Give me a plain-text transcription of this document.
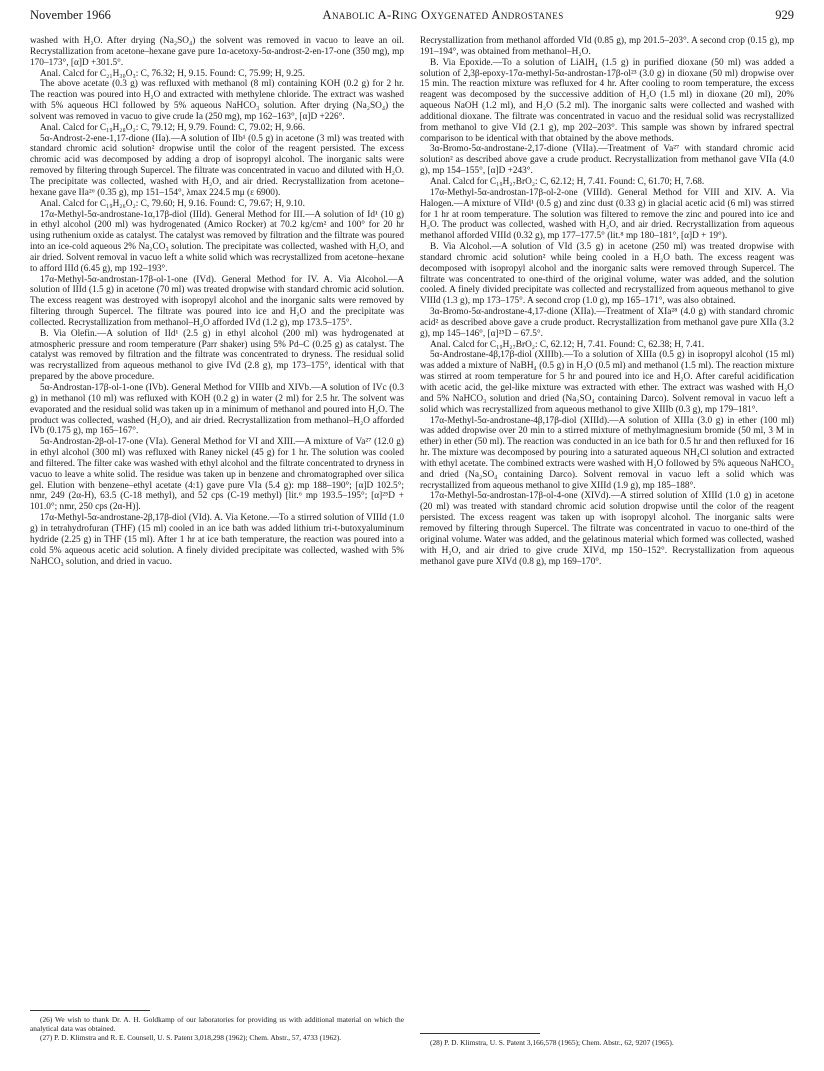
November 1966	Anabolic A-Ring Oxygenated Androstanes	929

washed with H₂O. After drying (Na₂SO₄) the solvent was removed in vacuo to leave an oil. Recrystallization from acetone–hexane gave pure 1α-acetoxy-5α-androst-2-en-17-one (350 mg), mp 170–173°, [α]D +301.5°.

Anal. Calcd for C₂₁H₃₀O₃: C, 76.32; H, 9.15. Found: C, 75.99; H, 9.25.

The above acetate (0.3 g) was refluxed with methanol (8 ml) containing KOH (0.2 g) for 2 hr. The reaction was poured into H₂O and extracted with methylene chloride. The extract was washed with 5% aqueous HCl followed by 5% aqueous NaHCO₃ solution. After drying (Na₂SO₄) the solvent was removed in vacuo to give crude Ia (250 mg), mp 162–163°, [α]D +226°.

Anal. Calcd for C₁₉H₂₈O₂: C, 79.12; H, 9.79. Found: C, 79.02; H, 9.66.

5α-Androst-2-ene-1,17-dione (IIa).—A solution of IIb¹ (0.5 g) in acetone (3 ml) was treated with standard chromic acid solution² dropwise until the color of the reagent persisted. The excess chromic acid was decomposed by adding a drop of isopropyl alcohol. The inorganic salts were removed by filtering through Supercel. The filtrate was concentrated in vacuo and diluted with H₂O. The precipitate was collected, washed with H₂O, and air dried. Recrystallization from acetone–hexane gave IIa²⁶ (0.35 g), mp 151–154°, λmax 224.5 mμ (ε 6900).

Anal. Calcd for C₁₉H₂₆O₂: C, 79.60; H, 9.16. Found: C, 79.67; H, 9.10.

17α-Methyl-5α-androstane-1α,17β-diol (IIId). General Method for III.—A solution of Id¹ (10 g) in ethyl alcohol (200 ml) was hydrogenated (Amico Rocker) at 70.2 kg/cm² and 100° for 20 hr using ruthenium oxide as catalyst. The catalyst was removed by filtration and the filtrate was poured into an ice-cold aqueous 2% Na₂CO₃ solution. The precipitate was collected, washed with H₂O, and air dried. Solvent removal in vacuo left a white solid which was recrystallized from acetone–hexane to afford IIId (6.45 g), mp 192–193°.

17α-Methyl-5α-androstan-17β-ol-1-one (IVd). General Method for IV. A. Via Alcohol.—A solution of IIId (1.5 g) in acetone (70 ml) was treated dropwise with standard chromic acid solution. The excess reagent was destroyed with isopropyl alcohol and the inorganic salts were removed by filtering through Supercel. The filtrate was poured into ice and H₂O and the precipitate was collected. Recrystallization from methanol–H₂O afforded IVd (1.2 g), mp 173.5–175°.

B. Via Olefin.—A solution of IId¹ (2.5 g) in ethyl alcohol (200 ml) was hydrogenated at atmospheric pressure and room temperature (Parr shaker) using 5% Pd–C (0.25 g) as catalyst. The catalyst was removed by filtration and the filtrate was concentrated to dryness. The residual solid was recrystallized from aqueous methanol to give IVd (2.8 g), mp 173–175°, identical with that prepared by the above procedure.

5α-Androstan-17β-ol-1-one (IVb). General Method for VIIIb and XIVb.—A solution of IVc (0.3 g) in methanol (10 ml) was refluxed with KOH (0.2 g) in water (2 ml) for 2.5 hr. The solvent was evaporated and the residual solid was taken up in a minimum of methanol and poured into H₂O. The product was collected, washed (H₂O), and air dried. Recrystallization from methanol–H₂O afforded IVb (0.175 g), mp 165–167°.

5α-Androstan-2β-ol-17-one (VIa). General Method for VI and XIII.—A mixture of Va²⁷ (12.0 g) in ethyl alcohol (300 ml) was refluxed with Raney nickel (45 g) for 1 hr. The solution was cooled and filtered. The filter cake was washed with ethyl alcohol and the filtrate concentrated to dryness in vacuo to leave a white solid. The residue was taken up in benzene and chromatographed over silica gel. Elution with benzene–ethyl acetate (4:1) gave pure VIa (5.4 g): mp 188–190°; [α]D 102.5°; nmr, 249 (2α-H), 63.5 (C-18 methyl), and 52 cps (C-19 methyl) [lit.⁶ mp 193.5–195°; [α]²⁵D + 101.0°; nmr, 250 cps (2α-H)].

17α-Methyl-5α-androstane-2β,17β-diol (VId). A. Via Ketone.—To a stirred solution of VIIId (1.0 g) in tetrahydrofuran (THF) (15 ml) cooled in an ice bath was added lithium tri-t-butoxyaluminum hydride (2.25 g) in THF (15 ml). After 1 hr at ice bath temperature, the reaction was poured into a cold 5% aqueous acetic acid solution. A finely divided precipitate was collected, washed with 5% NaHCO₃ solution, and dried in vacuo.

Recrystallization from methanol afforded VId (0.85 g), mp 201.5–203°. A second crop (0.15 g), mp 191–194°, was obtained from methanol–H₂O.

B. Via Epoxide.—To a solution of LiAlH₄ (1.5 g) in purified dioxane (50 ml) was added a solution of 2,3β-epoxy-17α-methyl-5α-androstan-17β-ol²³ (3.0 g) in dioxane (50 ml) dropwise over 15 min. The reaction mixture was refluxed for 4 hr. After cooling to room temperature, the excess reagent was decomposed by the successive addition of H₂O (1.5 ml) in dioxane (20 ml), 20% aqueous NaOH (1.2 ml), and H₂O (5.2 ml). The inorganic salts were collected and washed with additional dioxane. The filtrate was concentrated in vacuo and the residual solid was recrystallized from methanol to give VId (2.1 g), mp 202–203°. This sample was shown by infrared spectral comparison to be identical with that obtained by the above methods.

3α-Bromo-5α-androstane-2,17-dione (VIIa).—Treatment of Va²⁷ with standard chromic acid solution² as described above gave a crude product. Recrystallization from methanol gave VIIa (4.0 g), mp 154–155°, [α]D +243°.

Anal. Calcd for C₁₉H₂₇BrO₂: C, 62.12; H, 7.41. Found: C, 61.70; H, 7.68.

17α-Methyl-5α-androstan-17β-ol-2-one (VIIId). General Method for VIII and XIV. A. Via Halogen.—A mixture of VIId¹ (0.5 g) and zinc dust (0.33 g) in glacial acetic acid (6 ml) was stirred for 1 hr at room temperature. The solution was filtered to remove the zinc and poured into ice and H₂O. The product was collected, washed with H₂O, and air dried. Recrystallization from aqueous methanol afforded VIIId (0.32 g), mp 177–177.5° (lit.⁸ mp 180–181°, [α]D + 19°).

B. Via Alcohol.—A solution of VId (3.5 g) in acetone (250 ml) was treated dropwise with standard chromic acid solution² while being cooled in a H₂O bath. The excess reagent was decomposed with isopropyl alcohol and the inorganic salts were removed through Supercel. The filtrate was concentrated to one-third of the original volume, water was added, and the solution cooled. A finely divided precipitate was collected and recrystallized from aqueous methanol to give VIIId (1.3 g), mp 173–175°. A second crop (1.0 g), mp 165–171°, was also obtained.

3α-Bromo-5α-androstane-4,17-dione (XIIa).—Treatment of XIa²⁸ (4.0 g) with standard chromic acid² as described above gave a crude product. Recrystallization from methanol gave pure XIIa (3.2 g), mp 145–146°, [α]²⁵D – 67.5°.

Anal. Calcd for C₁₉H₂₇BrO₂: C, 62.12; H, 7.41. Found: C, 62.38; H, 7.41.

5α-Androstane-4β,17β-diol (XIIIb).—To a solution of XIIIa (0.5 g) in isopropyl alcohol (15 ml) was added a mixture of NaBH₄ (0.5 g) in H₂O (0.5 ml) and methanol (1.5 ml). The reaction mixture was stirred at room temperature for 5 hr and poured into ice and H₂O. After careful acidification with acetic acid, the gel-like mixture was extracted with ether. The extract was washed with H₂O and 5% NaHCO₃ solution and dried (Na₂SO₄ containing Darco). Solvent removal in vacuo left a solid which was recrystallized from aqueous methanol to give XIIIb (0.3 g), mp 179–181°.

17α-Methyl-5α-androstane-4β,17β-diol (XIIId).—A solution of XIIIa (3.0 g) in ether (100 ml) was added dropwise over 20 min to a stirred mixture of methylmagnesium bromide (50 ml, 3 M in ether) in ether (50 ml). The reaction was conducted in an ice bath for 0.5 hr and then refluxed for 16 hr. The mixture was decomposed by pouring into a saturated aqueous NH₄Cl solution and extracted with ethyl acetate. The combined extracts were washed with H₂O followed by 5% aqueous NaHCO₃ and dried (Na₂SO₄ containing Darco). Solvent removal in vacuo left a solid which was recrystallized from aqueous methanol to give XIIId (1.9 g), mp 185–188°.

17α-Methyl-5α-androstan-17β-ol-4-one (XIVd).—A stirred solution of XIIId (1.0 g) in acetone (20 ml) was treated with standard chromic acid solution dropwise until the color of the reagent persisted. The excess reagent was taken up with isopropyl alcohol. The inorganic salts were removed by filtering through Supercel. The filtrate was concentrated in vacuo to one-third of the original volume. Water was added, and the gelatinous material which formed was collected, washed with H₂O, and air dried to give crude XIVd, mp 150–152°. Recrystallization from aqueous methanol gave pure XIVd (0.8 g), mp 169–170°.

(26) We wish to thank Dr. A. H. Goldkamp of our laboratories for providing us with additional material on which the analytical data was obtained.

(27) P. D. Klimstra and R. E. Counsell, U. S. Patent 3,018,298 (1962); Chem. Abstr., 57, 4733 (1962).

(28) P. D. Klimstra, U. S. Patent 3,166,578 (1965); Chem. Abstr., 62, 9207 (1965).
